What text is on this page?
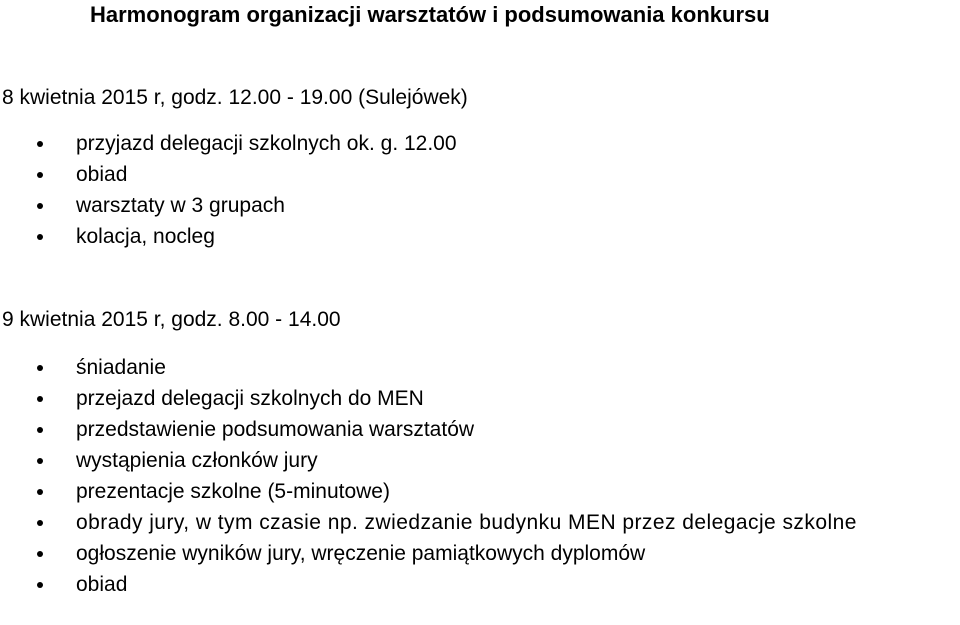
Harmonogram organizacji warsztatów i podsumowania konkursu
8 kwietnia 2015 r, godz. 12.00 - 19.00 (Sulejówek)
przyjazd delegacji szkolnych ok. g. 12.00
obiad
warsztaty w 3 grupach
kolacja, nocleg
9 kwietnia 2015 r, godz. 8.00 - 14.00
śniadanie
przejazd delegacji szkolnych do MEN
przedstawienie podsumowania warsztatów
wystąpienia członków jury
prezentacje szkolne (5-minutowe)
obrady jury, w tym czasie np. zwiedzanie budynku MEN przez delegacje szkolne
ogłoszenie wyników jury, wręczenie pamiątkowych dyplomów
obiad
